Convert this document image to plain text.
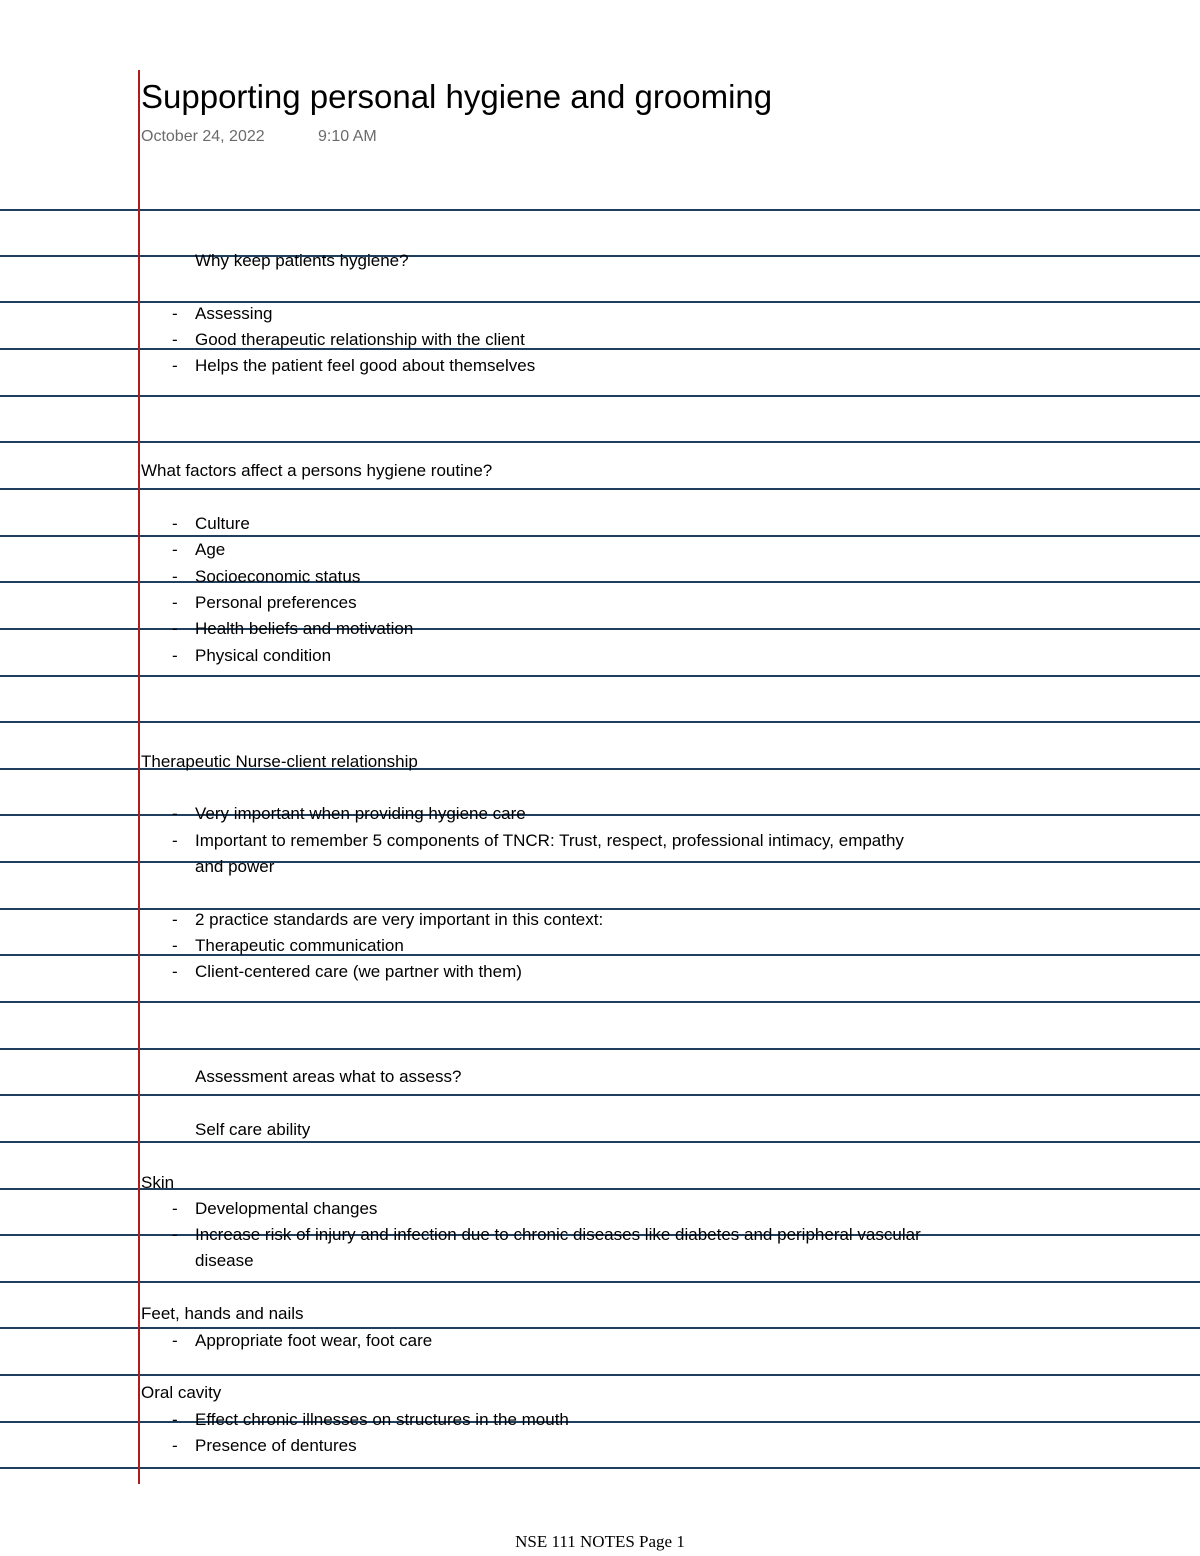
Supporting personal hygiene and grooming
October 24, 2022	9:10 AM
Why keep patients hygiene?
- Assessing
- Good therapeutic relationship with the client
- Helps the patient feel good about themselves
What factors affect a persons hygiene routine?
- Culture
- Age
- Socioeconomic status
- Personal preferences
- Health beliefs and motivation
- Physical condition
Therapeutic Nurse-client relationship
- Very important when providing hygiene care
- Important to remember 5 components of TNCR: Trust, respect, professional intimacy, empathy
and power
- 2 practice standards are very important in this context:
- Therapeutic communication
- Client-centered care (we partner with them)
Assessment areas what to assess?
Self care ability
Skin
- Developmental changes
- Increase risk of injury and infection due to chronic diseases like diabetes and peripheral vascular
disease
Feet, hands and nails
- Appropriate foot wear, foot care
Oral cavity
- Effect chronic illnesses on structures in the mouth
- Presence of dentures
NSE 111 NOTES Page 1
